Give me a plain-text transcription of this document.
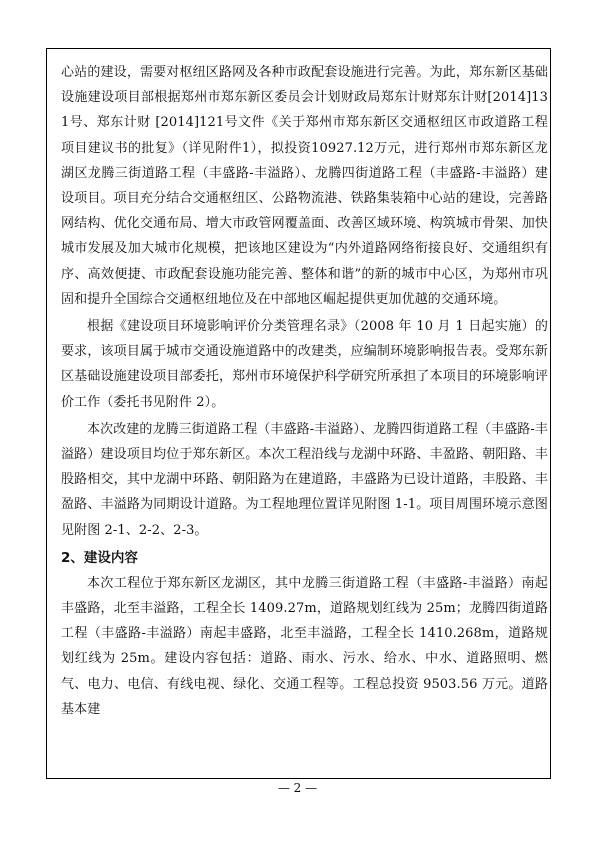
心站的建设，需要对枢纽区路网及各种市政配套设施进行完善。为此，郑东新区基础设施建设项目部根据郑州市郑东新区委员会计划财政局郑东计财郑东计财[2014]131号、郑东计财 [2014]121号文件《关于郑州市郑东新区交通枢纽区市政道路工程项目建议书的批复》（详见附件1），拟投资10927.12万元，进行郑州市郑东新区龙湖区龙腾三街道路工程（丰盛路-丰溢路）、龙腾四街道路工程（丰盛路-丰溢路）建设项目。项目充分结合交通枢纽区、公路物流港、铁路集装箱中心站的建设，完善路网结构、优化交通布局、增大市政管网覆盖面、改善区域环境、构筑城市骨架、加快城市发展及加大城市化规模，把该地区建设为“内外道路网络衔接良好、交通组织有序、高效便捷、市政配套设施功能完善、整体和谐”的新的城市中心区，为郑州市巩固和提升全国综合交通枢纽地位及在中部地区崛起提供更加优越的交通环境。

根据《建设项目环境影响评价分类管理名录》（2008 年 10 月 1 日起实施）的要求，该项目属于城市交通设施道路中的改建类，应编制环境影响报告表。受郑东新区基础设施建设项目部委托，郑州市环境保护科学研究所承担了本项目的环境影响评价工作（委托书见附件 2）。

本次改建的龙腾三街道路工程（丰盛路-丰溢路）、龙腾四街道路工程（丰盛路-丰溢路）建设项目均位于郑东新区。本次工程沿线与龙湖中环路、丰盈路、朝阳路、丰股路相交，其中龙湖中环路、朝阳路为在建道路，丰盛路为已设计道路，丰股路、丰盈路、丰溢路为同期设计道路。为工程地理位置详见附图 1-1。项目周围环境示意图见附图 2-1、2-2、2-3。

2、建设内容

本次工程位于郑东新区龙湖区，其中龙腾三街道路工程（丰盛路-丰溢路）南起丰盛路，北至丰溢路，工程全长 1409.27m，道路规划红线为 25m；龙腾四街道路工程（丰盛路-丰溢路）南起丰盛路，北至丰溢路，工程全长 1410.268m，道路规划红线为 25m。建设内容包括：道路、雨水、污水、给水、中水、道路照明、燃气、电力、电信、有线电视、绿化、交通工程等。工程总投资 9503.56 万元。道路基本建

— 2 —
